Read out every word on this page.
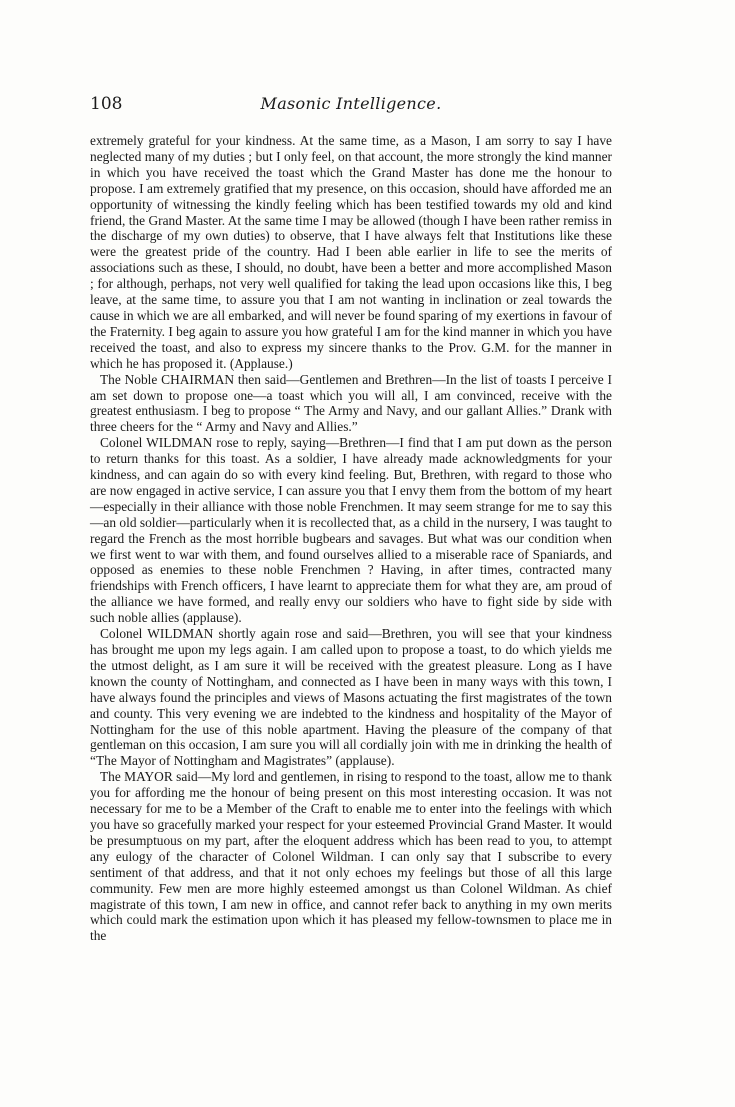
108	Masonic Intelligence.

extremely grateful for your kindness. At the same time, as a Mason, I am sorry to say I have neglected many of my duties ; but I only feel, on that account, the more strongly the kind manner in which you have received the toast which the Grand Master has done me the honour to propose. I am extremely gratified that my presence, on this occasion, should have afforded me an opportunity of witnessing the kindly feeling which has been testified towards my old and kind friend, the Grand Master. At the same time I may be allowed (though I have been rather remiss in the discharge of my own duties) to observe, that I have always felt that Institutions like these were the greatest pride of the country. Had I been able earlier in life to see the merits of associations such as these, I should, no doubt, have been a better and more accomplished Mason ; for although, perhaps, not very well qualified for taking the lead upon occasions like this, I beg leave, at the same time, to assure you that I am not wanting in inclination or zeal towards the cause in which we are all embarked, and will never be found sparing of my exertions in favour of the Fraternity. I beg again to assure you how grateful I am for the kind manner in which you have received the toast, and also to express my sincere thanks to the Prov. G.M. for the manner in which he has proposed it. (Applause.)

The Noble CHAIRMAN then said—Gentlemen and Brethren—In the list of toasts I perceive I am set down to propose one—a toast which you will all, I am convinced, receive with the greatest enthusiasm. I beg to propose “ The Army and Navy, and our gallant Allies.” Drank with three cheers for the “ Army and Navy and Allies.”

Colonel WILDMAN rose to reply, saying—Brethren—I find that I am put down as the person to return thanks for this toast. As a soldier, I have already made acknowledgments for your kindness, and can again do so with every kind feeling. But, Brethren, with regard to those who are now engaged in active service, I can assure you that I envy them from the bottom of my heart—especially in their alliance with those noble Frenchmen. It may seem strange for me to say this—an old soldier—particularly when it is recollected that, as a child in the nursery, I was taught to regard the French as the most horrible bugbears and savages. But what was our condition when we first went to war with them, and found ourselves allied to a miserable race of Spaniards, and opposed as enemies to these noble Frenchmen ? Having, in after times, contracted many friendships with French officers, I have learnt to appreciate them for what they are, am proud of the alliance we have formed, and really envy our soldiers who have to fight side by side with such noble allies (applause).

Colonel WILDMAN shortly again rose and said—Brethren, you will see that your kindness has brought me upon my legs again. I am called upon to propose a toast, to do which yields me the utmost delight, as I am sure it will be received with the greatest pleasure. Long as I have known the county of Nottingham, and connected as I have been in many ways with this town, I have always found the principles and views of Masons actuating the first magistrates of the town and county. This very evening we are indebted to the kindness and hospitality of the Mayor of Nottingham for the use of this noble apartment. Having the pleasure of the company of that gentleman on this occasion, I am sure you will all cordially join with me in drinking the health of “The Mayor of Nottingham and Magistrates” (applause).

The MAYOR said—My lord and gentlemen, in rising to respond to the toast, allow me to thank you for affording me the honour of being present on this most interesting occasion. It was not necessary for me to be a Member of the Craft to enable me to enter into the feelings with which you have so gracefully marked your respect for your esteemed Provincial Grand Master. It would be presumptuous on my part, after the eloquent address which has been read to you, to attempt any eulogy of the character of Colonel Wildman. I can only say that I subscribe to every sentiment of that address, and that it not only echoes my feelings but those of all this large community. Few men are more highly esteemed amongst us than Colonel Wildman. As chief magistrate of this town, I am new in office, and cannot refer back to anything in my own merits which could mark the estimation upon which it has pleased my fellow-townsmen to place me in the
